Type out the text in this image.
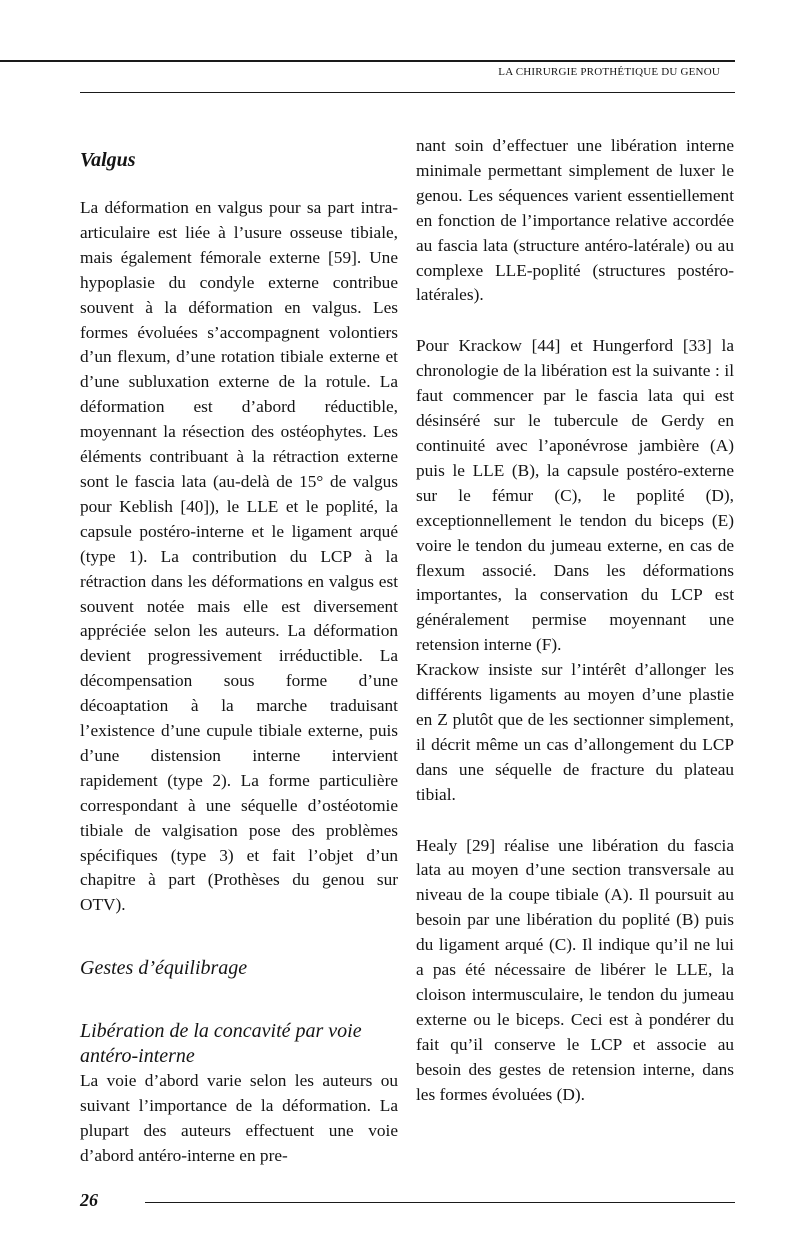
LA CHIRURGIE PROTHÉTIQUE DU GENOU
Valgus

La déformation en valgus pour sa part intra-articulaire est liée à l’usure osseuse tibiale, mais également fémorale externe [59]. Une hypoplasie du condyle externe contribue souvent à la déformation en valgus. Les formes évoluées s’accompagnent volontiers d’un flexum, d’une rotation tibiale externe et d’une subluxation externe de la rotule. La déformation est d’abord réductible, moyennant la résection des ostéophytes. Les éléments contribuant à la rétraction externe sont le fascia lata (au-delà de 15° de valgus pour Keblish [40]), le LLE et le poplité, la capsule postéro-interne et le ligament arqué (type 1). La contribution du LCP à la rétraction dans les déformations en valgus est souvent notée mais elle est diversement appréciée selon les auteurs. La déformation devient progressivement irréductible. La décompensation sous forme d’une décoaptation à la marche traduisant l’existence d’une cupule tibiale externe, puis d’une distension interne intervient rapidement (type 2). La forme particulière correspondant à une séquelle d’ostéotomie tibiale de valgisation pose des problèmes spécifiques (type 3) et fait l’objet d’un chapitre à part (Prothèses du genou sur OTV).

Gestes d’équilibrage
Libération de la concavité par voie antéro-interne

La voie d’abord varie selon les auteurs ou suivant l’importance de la déformation. La plupart des auteurs effectuent une voie d’abord antéro-interne en pre-

nant soin d’effectuer une libération interne minimale permettant simplement de luxer le genou. Les séquences varient essentiellement en fonction de l’importance relative accordée au fascia lata (structure antéro-latérale) ou au complexe LLE-poplité (structures postéro-latérales).

Pour Krackow [44] et Hungerford [33] la chronologie de la libération est la suivante : il faut commencer par le fascia lata qui est désinséré sur le tubercule de Gerdy en continuité avec l’aponévrose jambière (A) puis le LLE (B), la capsule postéro-externe sur le fémur (C), le poplité (D), exceptionnellement le tendon du biceps (E) voire le tendon du jumeau externe, en cas de flexum associé. Dans les déformations importantes, la conservation du LCP est généralement permise moyennant une retension interne (F).

Krackow insiste sur l’intérêt d’allonger les différents ligaments au moyen d’une plastie en Z plutôt que de les sectionner simplement, il décrit même un cas d’allongement du LCP dans une séquelle de fracture du plateau tibial.

Healy [29] réalise une libération du fascia lata au moyen d’une section transversale au niveau de la coupe tibiale (A). Il poursuit au besoin par une libération du poplité (B) puis du ligament arqué (C). Il indique qu’il ne lui a pas été nécessaire de libérer le LLE, la cloison intermusculaire, le tendon du jumeau externe ou le biceps. Ceci est à pondérer du fait qu’il conserve le LCP et associe au besoin des gestes de retension interne, dans les formes évoluées (D).

26
